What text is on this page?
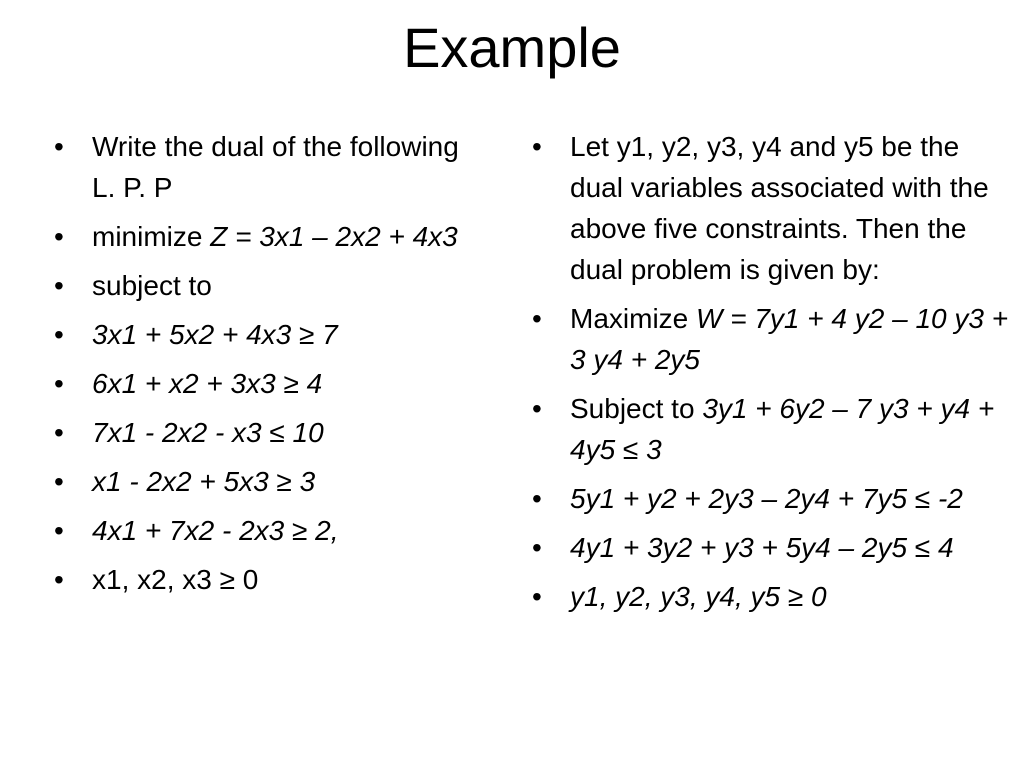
Example
• Write the dual of the following L. P. P
• minimize Z = 3x1 – 2x2 + 4x3
• subject to
• 3x1 + 5x2 + 4x3 ≥ 7
• 6x1 + x2 + 3x3 ≥ 4
• 7x1 - 2x2 - x3 ≤ 10
• x1 - 2x2 + 5x3 ≥ 3
• 4x1 + 7x2 - 2x3 ≥ 2,
• x1, x2, x3 ≥ 0
• Let y1, y2, y3, y4 and y5 be the dual variables associated with the above five constraints. Then the dual problem is given by:
• Maximize W = 7y1 + 4 y2 – 10 y3 + 3 y4 + 2y5
• Subject to 3y1 + 6y2 – 7 y3 + y4 + 4y5 ≤ 3
• 5y1 + y2 + 2y3 – 2y4 + 7y5 ≤ -2
• 4y1 + 3y2 + y3 + 5y4 – 2y5 ≤ 4
• y1, y2, y3, y4, y5 ≥ 0
